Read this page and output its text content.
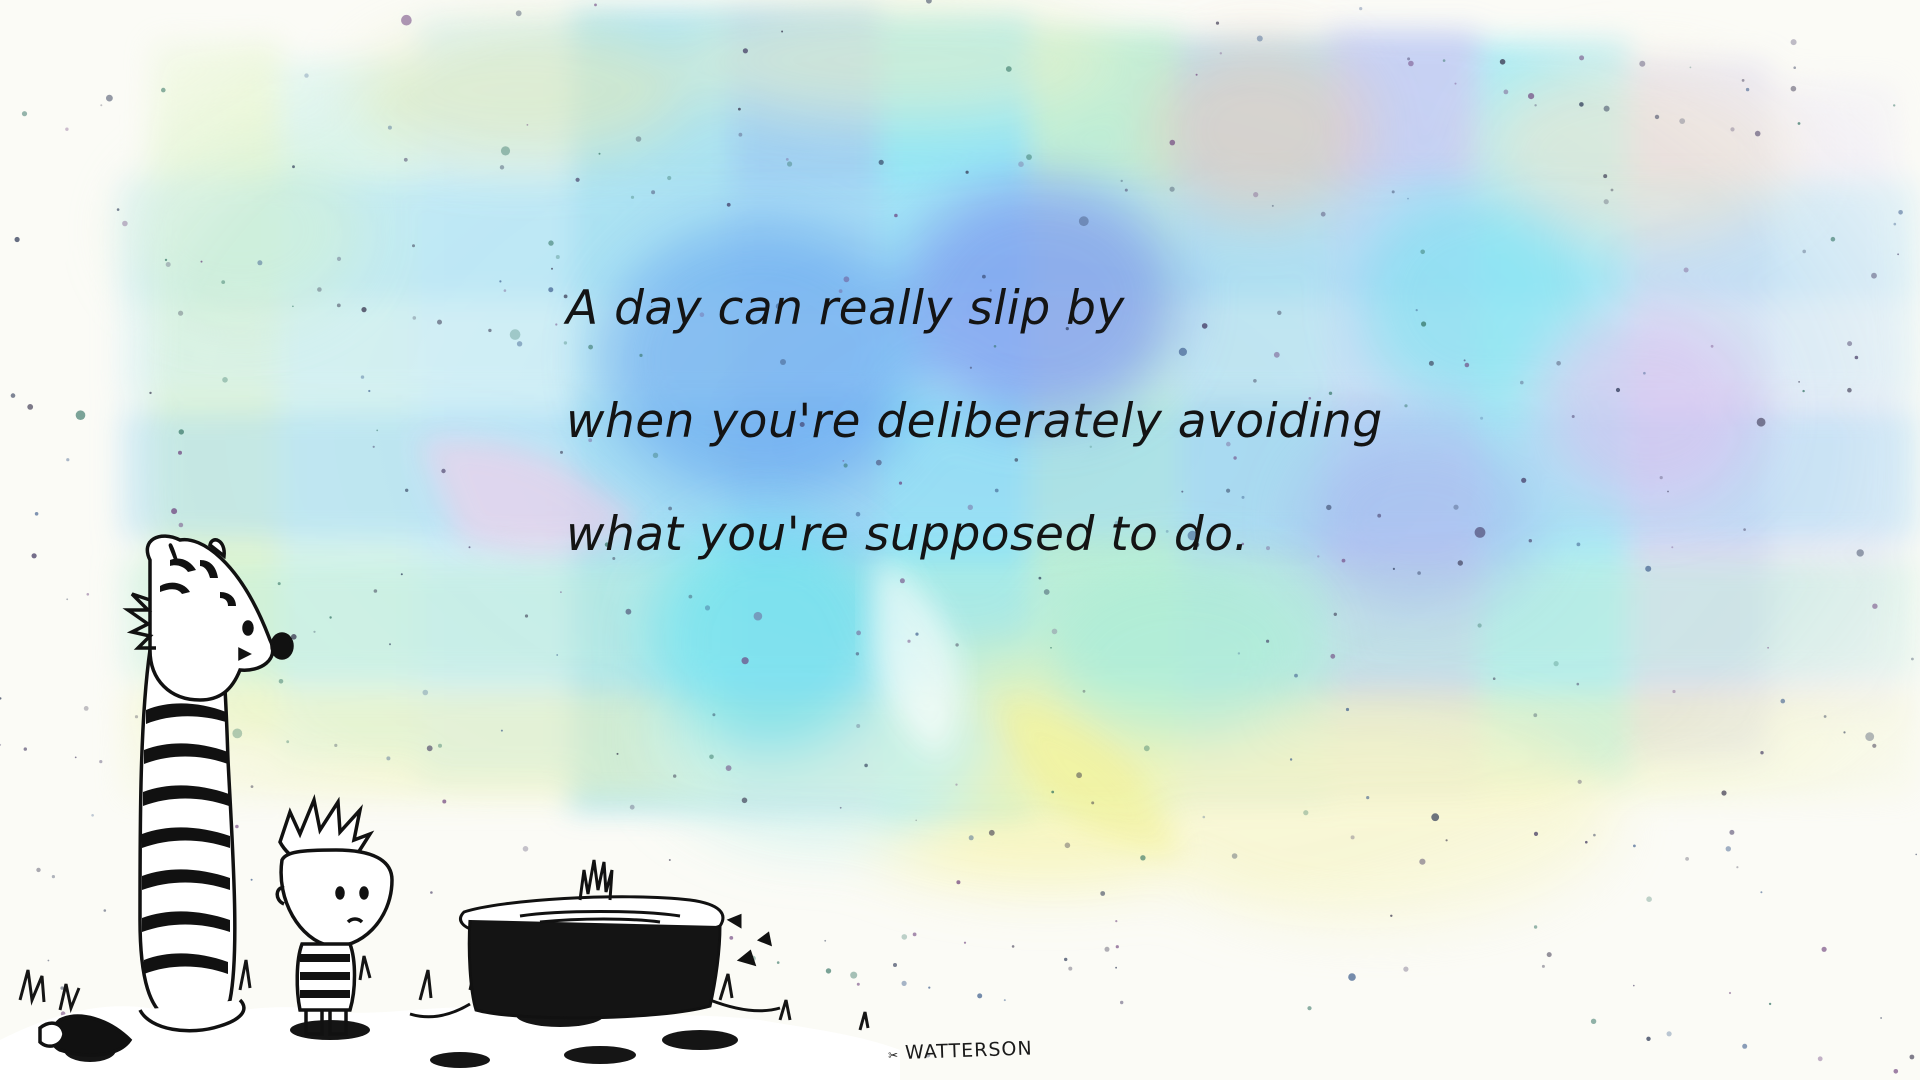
A day can really slip by
when you're deliberately avoiding
what you're supposed to do.
✂ WATTERSON
